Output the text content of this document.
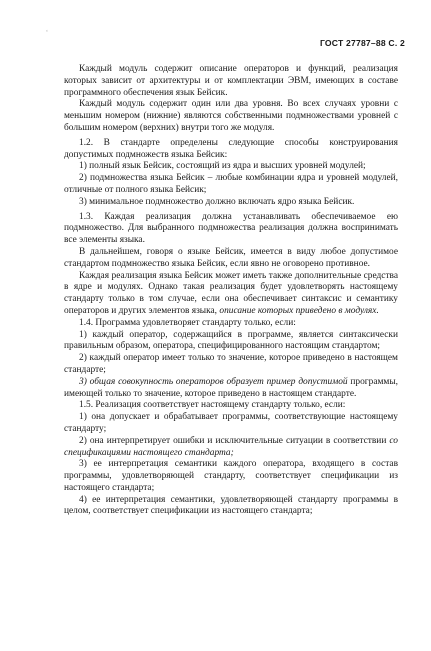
ʻ
ГОСТ 27787–88 С. 2

Каждый модуль содержит описание операторов и функций, реализация которых зависит от архитектуры и от комплектации ЭВМ, имеющих в составе программного обеспечения язык Бейсик.

Каждый модуль содержит один или два уровня. Во всех случаях уровни с меньшим номером (нижние) являются собственными подмножествами уровней с большим номером (верхних) внутри того же модуля.

1.2. В стандарте определены следующие способы конструирования допустимых подмножеств языка Бейсик:

1) полный язык Бейсик, состоящий из ядра и высших уровней модулей;

2) подмножества языка Бейсик – любые комбинации ядра и уровней модулей, отличные от полного языка Бейсик;

3) минимальное подмножество должно включать ядро языка Бейсик.

1.3. Каждая реализация должна устанавливать обеспечиваемое ею подмножество. Для выбранного подмножества реализация должна воспринимать все элементы языка.

В дальнейшем, говоря о языке Бейсик, имеется в виду любое допустимое стандартом подмножество языка Бейсик, если явно не оговорено противное.

Каждая реализация языка Бейсик может иметь также дополнительные средства в ядре и модулях. Однако такая реализация будет удовлетворять настоящему стандарту только в том случае, если она обеспечивает синтаксис и семантику операторов и других элементов языка, описание которых приведено в модулях.

1.4. Программа удовлетворяет стандарту только, если:

1) каждый оператор, содержащийся в программе, является синтаксически правильным образом, оператора, специфицированного настоящим стандартом;

2) каждый оператор имеет только то значение, которое приведено в настоящем стандарте;

3) общая совокупность операторов образует пример допустимой программы, имеющей только то значение, которое приведено в настоящем стандарте.

1.5. Реализация соответствует настоящему стандарту только, если:

1) она допускает и обрабатывает программы, соответствующие настоящему стандарту;

2) она интерпретирует ошибки и исключительные ситуации в соответствии со спецификациями настоящего стандарта;

3) ее интерпретация семантики каждого оператора, входящего в состав программы, удовлетворяющей стандарту, соответствует спецификации из настоящего стандарта;

4) ее интерпретация семантики, удовлетворяющей стандарту программы в целом, соответствует спецификации из настоящего стандарта;
